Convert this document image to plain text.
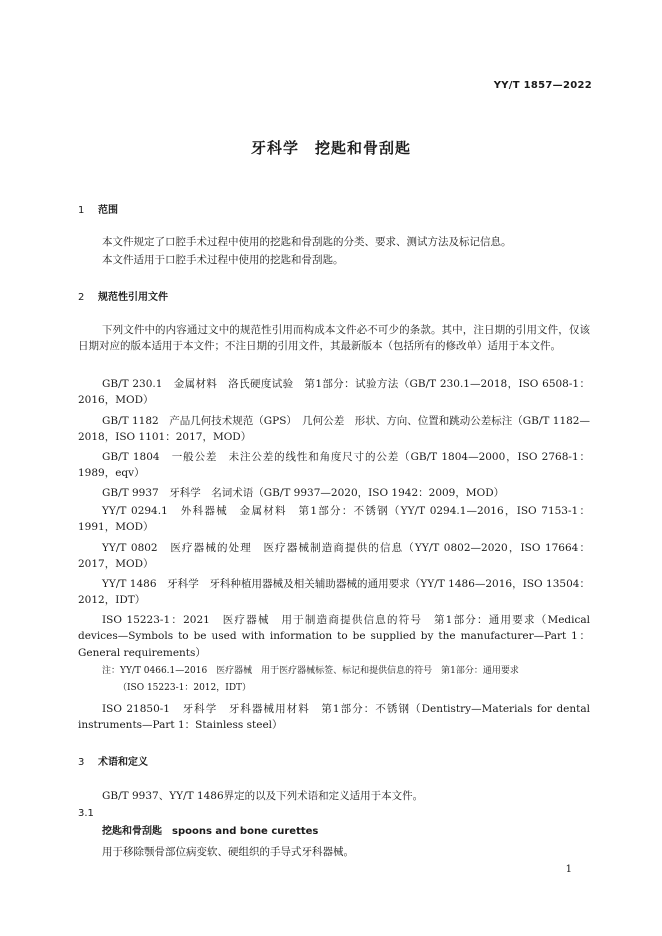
YY/T 1857—2022
牙科学　挖匙和骨刮匙
1 范围
本文件规定了口腔手术过程中使用的挖匙和骨刮匙的分类、要求、测试方法及标记信息。
本文件适用于口腔手术过程中使用的挖匙和骨刮匙。
2 规范性引用文件
下列文件中的内容通过文中的规范性引用而构成本文件必不可少的条款。其中，注日期的引用文件，仅该日期对应的版本适用于本文件；不注日期的引用文件，其最新版本（包括所有的修改单）适用于本文件。
GB/T 230.1　金属材料　洛氏硬度试验　第1部分：试验方法（GB/T 230.1—2018，ISO 6508-1：2016，MOD）
GB/T 1182　产品几何技术规范（GPS）　几何公差　形状、方向、位置和跳动公差标注（GB/T 1182—2018，ISO 1101：2017，MOD）
GB/T 1804　一般公差　未注公差的线性和角度尺寸的公差（GB/T 1804—2000，ISO 2768-1：1989，eqv）
GB/T 9937　牙科学　名词术语（GB/T 9937—2020，ISO 1942：2009，MOD）
YY/T 0294.1　外科器械　金属材料　第1部分：不锈钢（YY/T 0294.1—2016，ISO 7153-1：1991，MOD）
YY/T 0802　医疗器械的处理　医疗器械制造商提供的信息（YY/T 0802—2020，ISO 17664：2017，MOD）
YY/T 1486　牙科学　牙科种植用器械及相关辅助器械的通用要求（YY/T 1486—2016，ISO 13504：2012，IDT）
ISO 15223-1：2021　医疗器械　用于制造商提供信息的符号　第1部分：通用要求（Medical devices—Symbols to be used with information to be supplied by the manufacturer—Part 1：General requirements）
注：YY/T 0466.1—2016　医疗器械　用于医疗器械标签、标记和提供信息的符号　第1部分：通用要求
（ISO 15223-1：2012，IDT）
ISO 21850-1　牙科学　牙科器械用材料　第1部分：不锈钢（Dentistry—Materials for dental instruments—Part 1：Stainless steel）
3 术语和定义
GB/T 9937、YY/T 1486界定的以及下列术语和定义适用于本文件。
3.1
挖匙和骨刮匙　spoons and bone curettes
用于移除颚骨部位病变软、硬组织的手导式牙科器械。
1
